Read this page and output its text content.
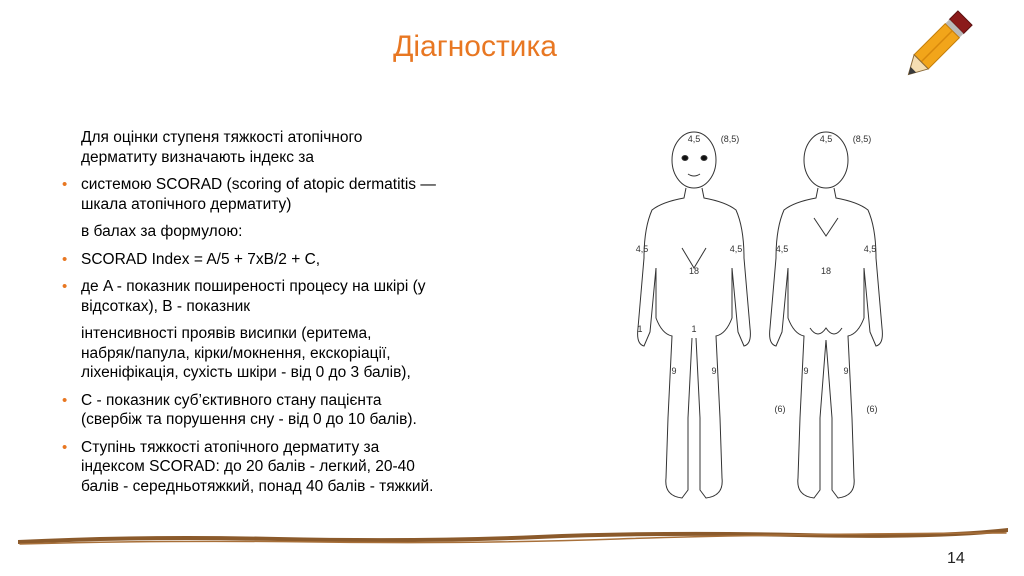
Діагностика
Для оцінки ступеня тяжкості атопічного
дерматиту визначають індекс за
• системою SCORAD (scoring of atopic dermatitis —
шкала атопічного дерматиту)
в балах за формулою:
• SCORAD Index = A/5 + 7хB/2 + C,
• де A - показник поширеності процесу на шкірі (у
відсотках), B - показник
інтенсивності проявів висипки (еритема,
набряк/папула, кірки/мокнення, екскоріації,
ліхеніфікація, сухість шкіри - від 0 до 3 балів),
• C - показник суб’єктивного стану пацієнта
(свербіж та порушення сну - від 0 до 10 балів).
• Ступінь тяжкості атопічного дерматиту за
індексом SCORAD: до 20 балів - легкий, 20-40
балів - середньотяжкий, понад 40 балів - тяжкий.
4,5 (8,5)
4,5	4,5
18
1	1
9	9
4,5 (8,5)
4,5	4,5
18
9	9
(6)	(6)
14
